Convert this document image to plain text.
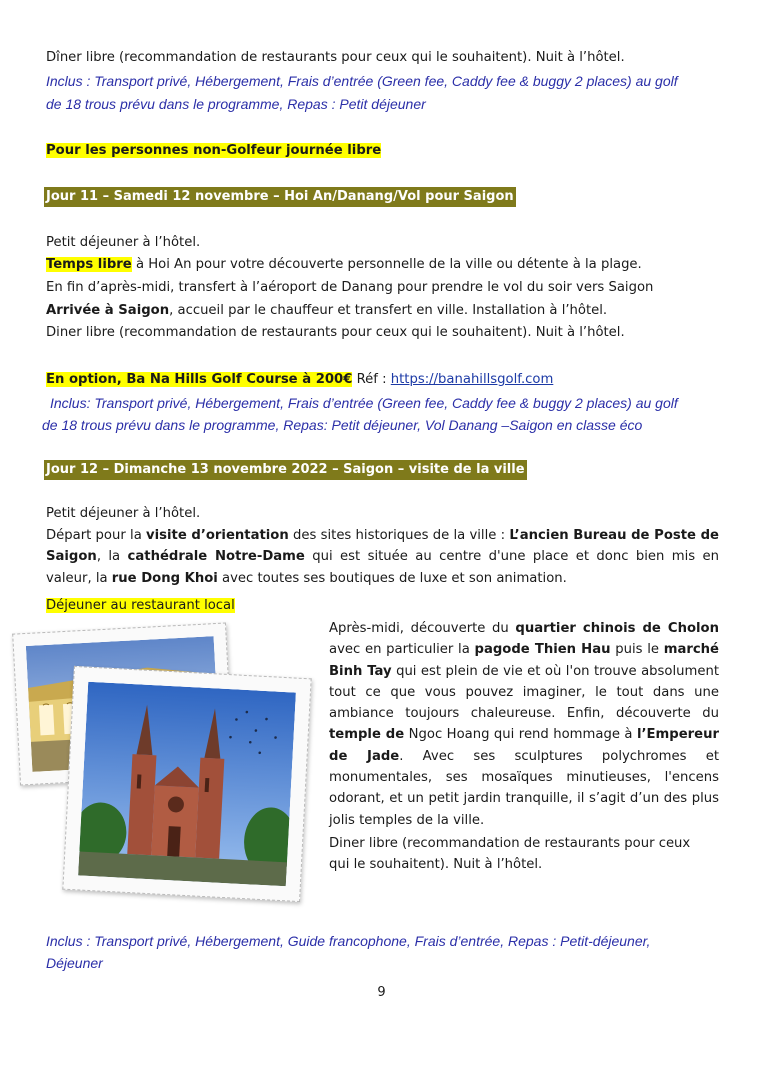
Dîner libre (recommandation de restaurants pour ceux qui le souhaitent). Nuit à l’hôtel.
Inclus : Transport privé, Hébergement, Frais d’entrée (Green fee, Caddy fee & buggy 2 places) au golf
de 18 trous prévu dans le programme, Repas : Petit déjeuner
Pour les personnes non-Golfeur journée libre
Jour 11 – Samedi 12 novembre – Hoi An/Danang/Vol pour Saigon
Petit déjeuner à l’hôtel.
Temps libre à Hoi An pour votre découverte personnelle de la ville ou détente à la plage.
En fin d’après-midi, transfert à l’aéroport de Danang pour prendre le vol du soir vers Saigon
Arrivée à Saigon, accueil par le chauffeur et transfert en ville. Installation à l’hôtel.
Diner libre (recommandation de restaurants pour ceux qui le souhaitent). Nuit à l’hôtel.
En option, Ba Na Hills Golf Course à 200€ Réf : https://banahillsgolf.com
Inclus: Transport privé, Hébergement, Frais d’entrée (Green fee, Caddy fee & buggy 2 places) au golf
de 18 trous prévu dans le programme, Repas: Petit déjeuner, Vol Danang –Saigon en classe éco
Jour 12 – Dimanche 13 novembre 2022 – Saigon – visite de la ville
Petit déjeuner à l’hôtel.
Départ pour la visite d’orientation des sites historiques de la ville : L’ancien Bureau de Poste de Saigon, la cathédrale Notre-Dame qui est située au centre d'une place et donc bien mis en valeur, la rue Dong Khoi avec toutes ses boutiques de luxe et son animation.
Déjeuner au restaurant local
Après-midi, découverte du quartier chinois de Cholon avec en particulier la pagode Thien Hau puis le marché Binh Tay qui est plein de vie et où l'on trouve absolument tout ce que vous pouvez imaginer, le tout dans une ambiance toujours chaleureuse. Enfin, découverte du temple de Ngoc Hoang qui rend hommage à l’Empereur de Jade. Avec ses sculptures polychromes et monumentales, ses mosaïques minutieuses, l'encens odorant, et un petit jardin tranquille, il s’agit d’un des plus jolis temples de la ville.
Diner libre (recommandation de restaurants pour ceux qui le souhaitent). Nuit à l’hôtel.
Inclus : Transport privé, Hébergement, Guide francophone, Frais d’entrée, Repas : Petit-déjeuner,
Déjeuner
9
